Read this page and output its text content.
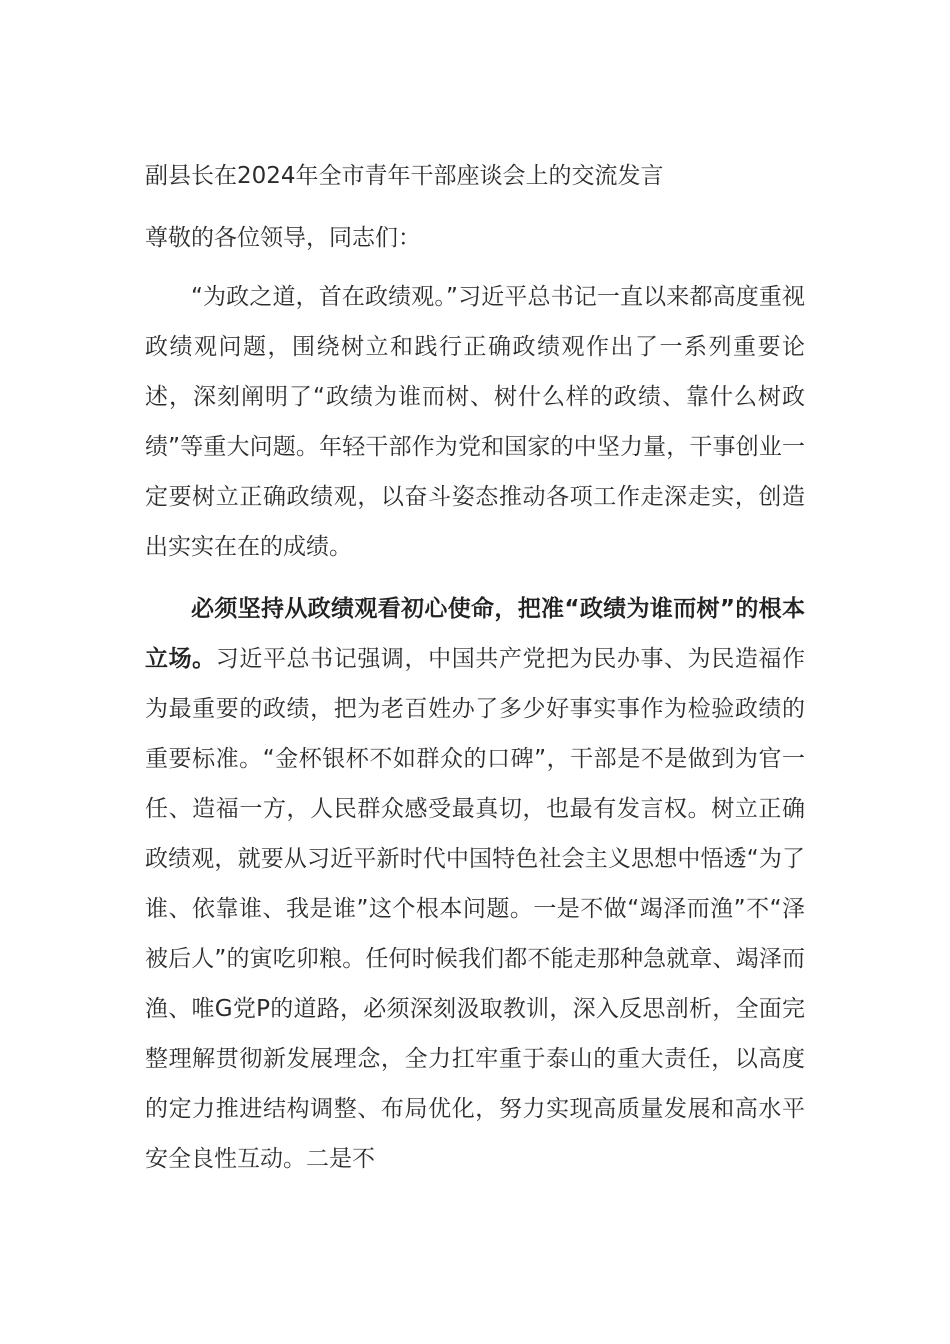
副县长在2024年全市青年干部座谈会上的交流发言
尊敬的各位领导，同志们：
“为政之道，首在政绩观。”习近平总书记一直以来都高度重视政绩观问题，围绕树立和践行正确政绩观作出了一系列重要论述，深刻阐明了“政绩为谁而树、树什么样的政绩、靠什么树政绩”等重大问题。年轻干部作为党和国家的中坚力量，干事创业一定要树立正确政绩观，以奋斗姿态推动各项工作走深走实，创造出实实在在的成绩。
必须坚持从政绩观看初心使命，把准“政绩为谁而树”的根本立场。习近平总书记强调，中国共产党把为民办事、为民造福作为最重要的政绩，把为老百姓办了多少好事实事作为检验政绩的重要标准。“金杯银杯不如群众的口碑”，干部是不是做到为官一任、造福一方，人民群众感受最真切，也最有发言权。树立正确政绩观，就要从习近平新时代中国特色社会主义思想中悟透“为了谁、依靠谁、我是谁”这个根本问题。一是不做“竭泽而渔”不“泽被后人”的寅吃卯粮。任何时候我们都不能走那种急就章、竭泽而渔、唯G党P的道路，必须深刻汲取教训，深入反思剖析，全面完整理解贯彻新发展理念，全力扛牢重于泰山的重大责任，以高度的定力推进结构调整、布局优化，努力实现高质量发展和高水平安全良性互动。二是不
